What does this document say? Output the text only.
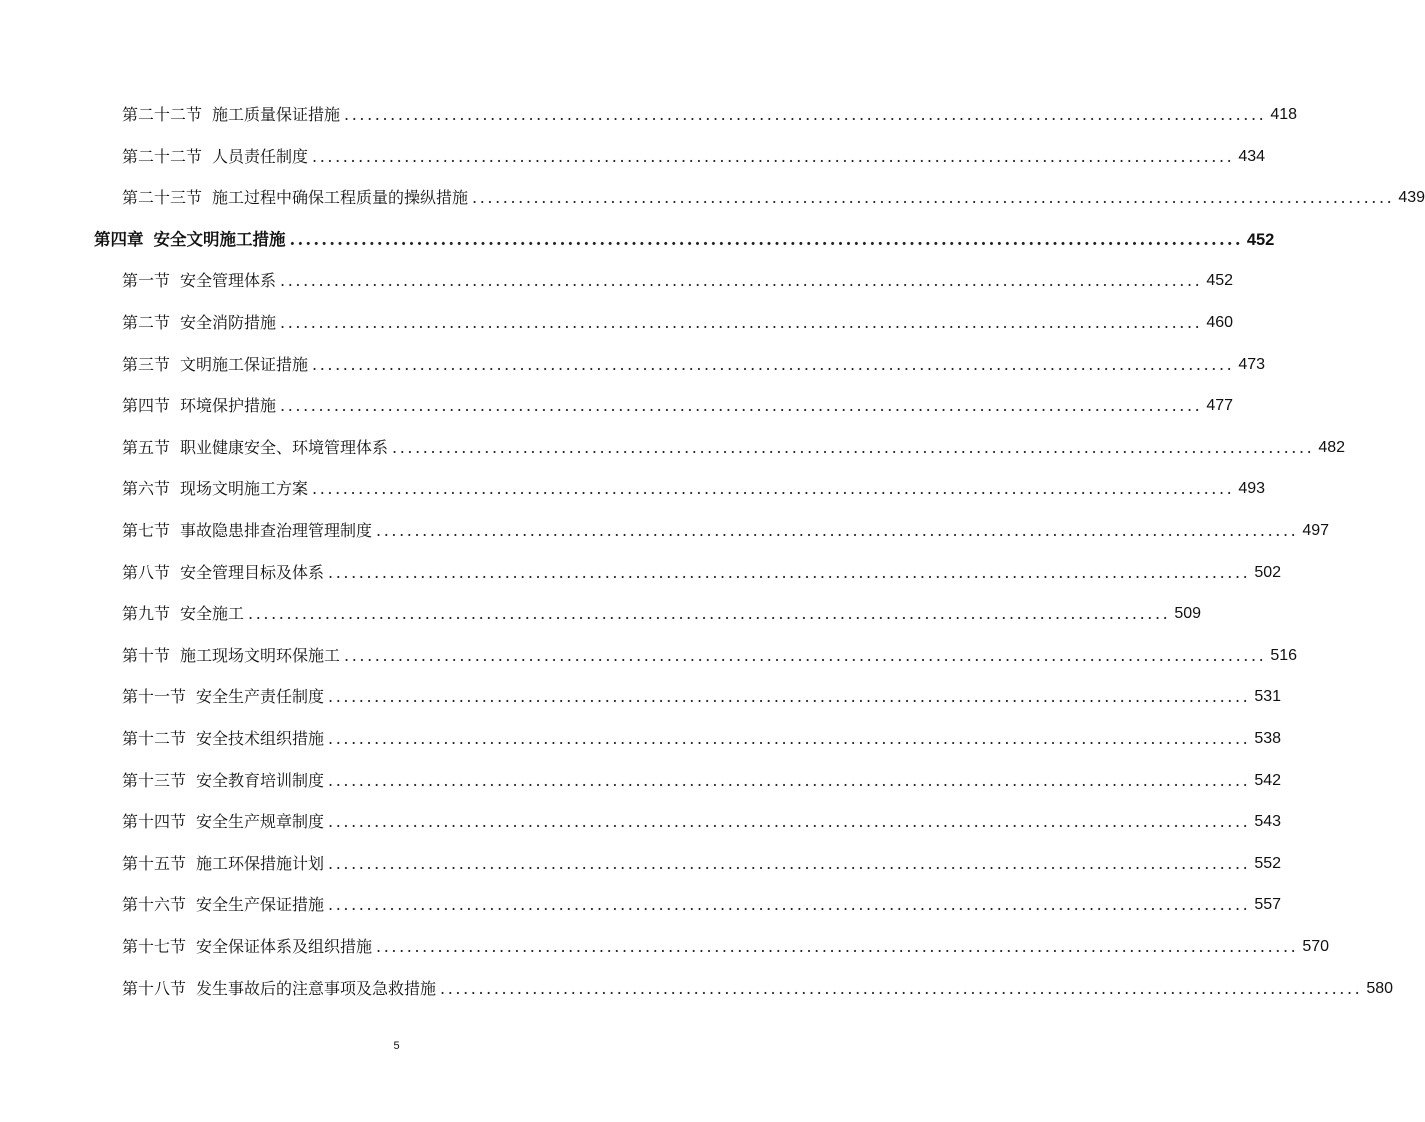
第二十二节 施工质量保证措施 ........................................................................................................................ 418
第二十二节 人员责任制度 ........................................................................................................................ 434
第二十三节 施工过程中确保工程质量的操纵措施 ........................................................................................................................ 439
第四章 安全文明施工措施 ........................................................................................................................ 452
第一节 安全管理体系 ........................................................................................................................ 452
第二节 安全消防措施 ........................................................................................................................ 460
第三节 文明施工保证措施 ........................................................................................................................ 473
第四节 环境保护措施 ........................................................................................................................ 477
第五节 职业健康安全、环境管理体系 ........................................................................................................................ 482
第六节 现场文明施工方案 ........................................................................................................................ 493
第七节 事故隐患排查治理管理制度 ........................................................................................................................ 497
第八节 安全管理目标及体系 ........................................................................................................................ 502
第九节 安全施工 ........................................................................................................................ 509
第十节 施工现场文明环保施工 ........................................................................................................................ 516
第十一节 安全生产责任制度 ........................................................................................................................ 531
第十二节 安全技术组织措施 ........................................................................................................................ 538
第十三节 安全教育培训制度 ........................................................................................................................ 542
第十四节 安全生产规章制度 ........................................................................................................................ 543
第十五节 施工环保措施计划 ........................................................................................................................ 552
第十六节 安全生产保证措施 ........................................................................................................................ 557
第十七节 安全保证体系及组织措施 ........................................................................................................................ 570
第十八节 发生事故后的注意事项及急救措施 ........................................................................................................................ 580
5
